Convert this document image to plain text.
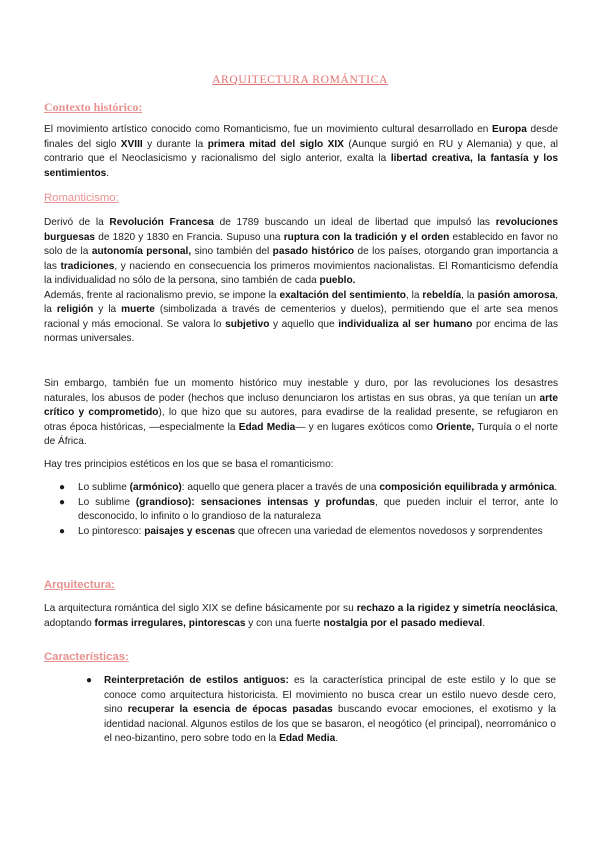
ARQUITECTURA ROMÁNTICA
Contexto histórico:
El movimiento artístico conocido como Romanticismo, fue un movimiento cultural desarrollado en Europa desde finales del siglo XVIII y durante la primera mitad del siglo XIX (Aunque surgió en RU y Alemania) y que, al contrario que el Neoclasicismo y racionalismo del siglo anterior, exalta la libertad creativa, la fantasía y los sentimientos.
Romanticismo:
Derivó de la Revolución Francesa de 1789 buscando un ideal de libertad que impulsó las revoluciones burguesas de 1820 y 1830 en Francia. Supuso una ruptura con la tradición y el orden establecido en favor no solo de la autonomía personal, sino también del pasado histórico de los países, otorgando gran importancia a las tradiciones, y naciendo en consecuencia los primeros movimientos nacionalistas. El Romanticismo defendía la individualidad no sólo de la persona, sino también de cada pueblo.
Además, frente al racionalismo previo, se impone la exaltación del sentimiento, la rebeldía, la pasión amorosa, la religión y la muerte (simbolizada a través de cementerios y duelos), permitiendo que el arte sea menos racional y más emocional. Se valora lo subjetivo y aquello que individualiza al ser humano por encima de las normas universales.
Sin embargo, también fue un momento histórico muy inestable y duro, por las revoluciones los desastres naturales, los abusos de poder (hechos que incluso denunciaron los artistas en sus obras, ya que tenían un arte crítico y comprometido), lo que hizo que su autores, para evadirse de la realidad presente, se refugiaron en otras época históricas, —especialmente la Edad Media— y en lugares exóticos como Oriente, Turquía o el norte de África.
Hay tres principios estéticos en los que se basa el romanticismo:
● Lo sublime (armónico): aquello que genera placer a través de una composición equilibrada y armónica.
● Lo sublime (grandioso): sensaciones intensas y profundas, que pueden incluir el terror, ante lo desconocido, lo infinito o lo grandioso de la naturaleza
● Lo pintoresco: paisajes y escenas que ofrecen una variedad de elementos novedosos y sorprendentes
Arquitectura:
La arquitectura romántica del siglo XIX se define básicamente por su rechazo a la rigidez y simetría neoclásica, adoptando formas irregulares, pintorescas y con una fuerte nostalgia por el pasado medieval.
Características:
● Reinterpretación de estilos antiguos: es la característica principal de este estilo y lo que se conoce como arquitectura historicista. El movimiento no busca crear un estilo nuevo desde cero, sino recuperar la esencia de épocas pasadas buscando evocar emociones, el exotismo y la identidad nacional. Algunos estilos de los que se basaron, el neogótico (el principal), neorrománico o el neo-bizantino, pero sobre todo en la Edad Media.
